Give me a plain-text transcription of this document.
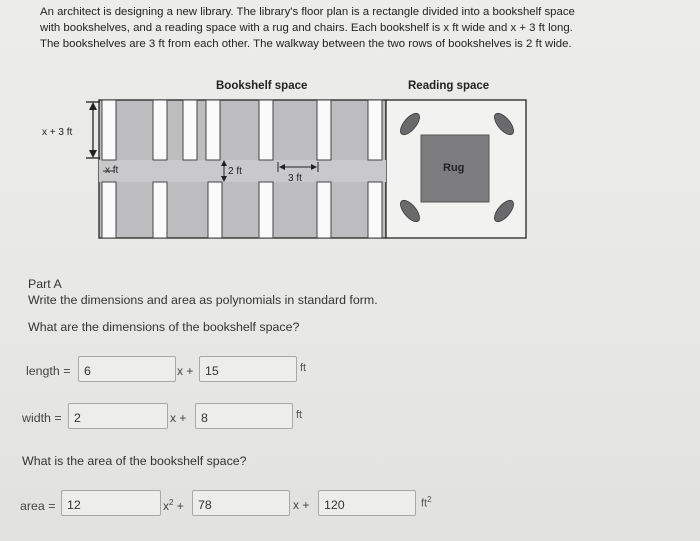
An architect is designing a new library. The library's floor plan is a rectangle divided into a bookshelf space

with bookshelves, and a reading space with a rug and chairs. Each bookshelf is x ft wide and x + 3 ft long.

The bookshelves are 3 ft from each other. The walkway between the two rows of bookshelves is 2 ft wide.

Bookshelf space	Reading space
x + 3 ft
x ft	2 ft
3 ft
Rug
Part A
Write the dimensions and area as polynomials in standard form.
What are the dimensions of the bookshelf space?
length =
6	x +
15	ft
width =
2	x +
8	ft
What is the area of the bookshelf space?
area =
12	$x^2$ +
78	x +
120	$ft^2$
